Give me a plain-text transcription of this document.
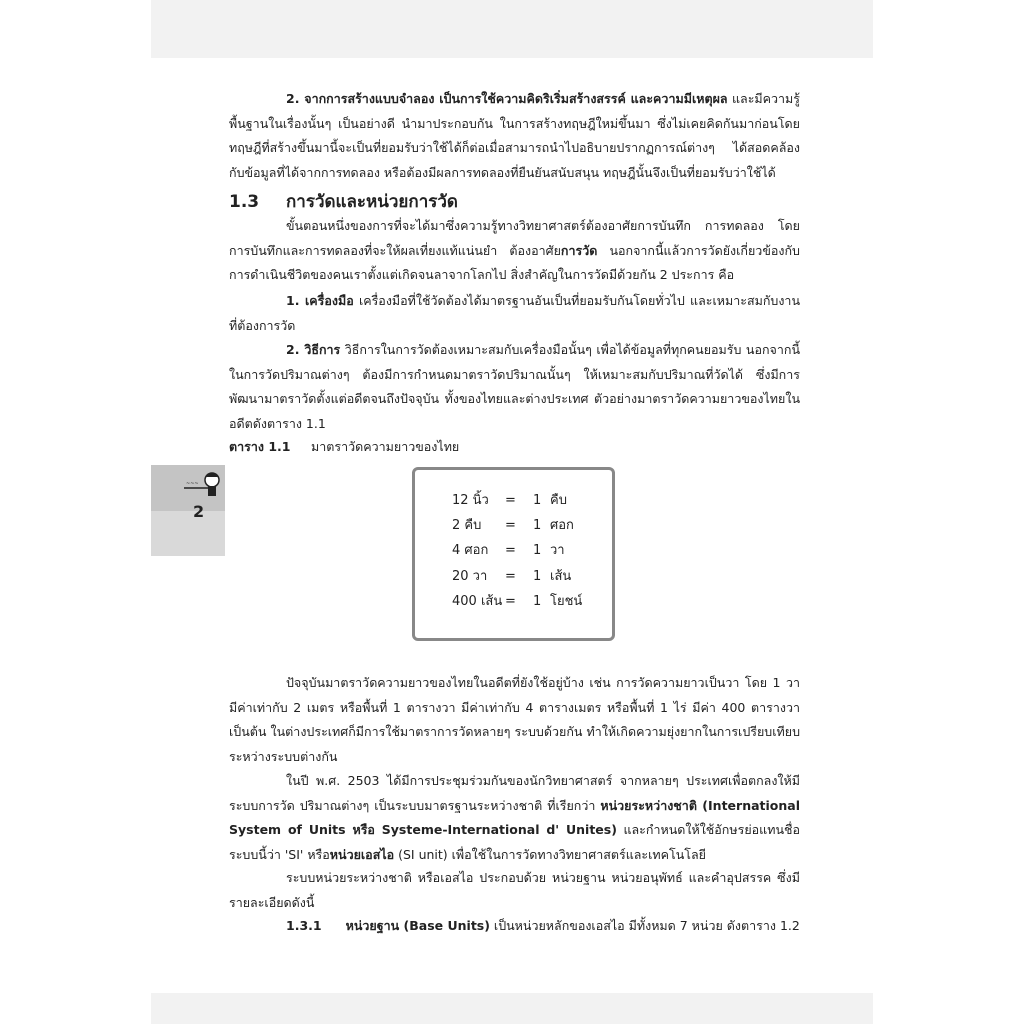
~~~
2
2. จากการสร้างแบบจำลอง เป็นการใช้ความคิดริเริ่มสร้างสรรค์ และความมีเหตุผล และมีความรู้พื้นฐานในเรื่องนั้นๆ เป็นอย่างดี นำมาประกอบกัน ในการสร้างทฤษฎีใหม่ขึ้นมา ซึ่งไม่เคยคิดกันมาก่อนโดยทฤษฎีที่สร้างขึ้นมานี้จะเป็นที่ยอมรับว่าใช้ได้ก็ต่อเมื่อสามารถนำไปอธิบายปรากฏการณ์ต่างๆ ได้สอดคล้องกับข้อมูลที่ได้จากการทดลอง หรือต้องมีผลการทดลองที่ยืนยันสนับสนุน ทฤษฎีนั้นจึงเป็นที่ยอมรับว่าใช้ได้
1.3 การวัดและหน่วยการวัด
ขั้นตอนหนึ่งของการที่จะได้มาซึ่งความรู้ทางวิทยาศาสตร์ต้องอาศัยการบันทึก การทดลอง โดยการบันทึกและการทดลองที่จะให้ผลเที่ยงแท้แน่นยำ ต้องอาศัยการวัด นอกจากนี้แล้วการวัดยังเกี่ยวข้องกับการดำเนินชีวิตของคนเราตั้งแต่เกิดจนลาจากโลกไป สิ่งสำคัญในการวัดมีด้วยกัน 2 ประการ คือ
1. เครื่องมือ เครื่องมือที่ใช้วัดต้องได้มาตรฐานอันเป็นที่ยอมรับกันโดยทั่วไป และเหมาะสมกับงานที่ต้องการวัด
2. วิธีการ วิธีการในการวัดต้องเหมาะสมกับเครื่องมือนั้นๆ เพื่อได้ข้อมูลที่ทุกคนยอมรับ นอกจากนี้ในการวัดปริมาณต่างๆ ต้องมีการกำหนดมาตราวัดปริมาณนั้นๆ ให้เหมาะสมกับปริมาณที่วัดได้ ซึ่งมีการพัฒนามาตราวัดตั้งแต่อดีตจนถึงปัจจุบัน ทั้งของไทยและต่างประเทศ ตัวอย่างมาตราวัดความยาวของไทยในอดีตดังตาราง 1.1
ตาราง 1.1 มาตราวัดความยาวของไทย
12 นิ้ว	= 1 คืบ
2 คืบ	= 1 ศอก
4 ศอก	= 1 วา
20 วา	= 1 เส้น
400 เส้น = 1 โยชน์
ปัจจุบันมาตราวัดความยาวของไทยในอดีตที่ยังใช้อยู่บ้าง เช่น การวัดความยาวเป็นวา โดย 1 วา มีค่าเท่ากับ 2 เมตร หรือพื้นที่ 1 ตารางวา มีค่าเท่ากับ 4 ตารางเมตร หรือพื้นที่ 1 ไร่ มีค่า 400 ตารางวา เป็นต้น ในต่างประเทศก็มีการใช้มาตราการวัดหลายๆ ระบบด้วยกัน ทำให้เกิดความยุ่งยากในการเปรียบเทียบระหว่างระบบต่างกัน
ในปี พ.ศ. 2503 ได้มีการประชุมร่วมกันของนักวิทยาศาสตร์ จากหลายๆ ประเทศเพื่อตกลงให้มีระบบการวัด ปริมาณต่างๆ เป็นระบบมาตรฐานระหว่างชาติ ที่เรียกว่า หน่วยระหว่างชาติ (International System of Units หรือ Systeme-International d' Unites) และกำหนดให้ใช้อักษรย่อแทนชื่อระบบนี้ว่า 'SI' หรือหน่วยเอสไอ (SI unit) เพื่อใช้ในการวัดทางวิทยาศาสตร์และเทคโนโลยี
ระบบหน่วยระหว่างชาติ หรือเอสไอ ประกอบด้วย หน่วยฐาน หน่วยอนุพัทธ์ และคำอุปสรรค ซึ่งมีรายละเอียดดังนี้
1.3.1 หน่วยฐาน (Base Units) เป็นหน่วยหลักของเอสไอ มีทั้งหมด 7 หน่วย ดังตาราง 1.2
